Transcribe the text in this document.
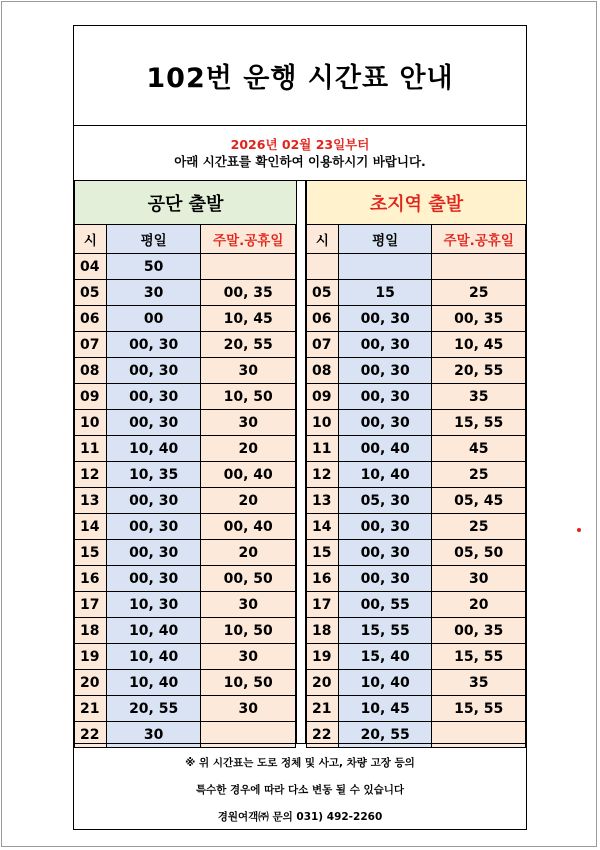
102번 운행 시간표 안내
2026년 02월 23일부터
아래 시간표를 확인하여 이용하시기 바랍니다.
공단 출발
시	평일	주말.공휴일
04	50
05	30	00, 35
06	00	10, 45
07	00, 30	20, 55
08	00, 30	30
09	00, 30	10, 50
10	00, 30	30
11	10, 40	20
12	10, 35	00, 40
13	00, 30	20
14	00, 30	00, 40
15	00, 30	20
16	00, 30	00, 50
17	10, 30	30
18	10, 40	10, 50
19	10, 40	30
20	10, 40	10, 50
21	20, 55	30
22	30
초지역 출발
시	평일	주말.공휴일
05	15	25
06	00, 30	00, 35
07	00, 30	10, 45
08	00, 30	20, 55
09	00, 30	35
10	00, 30	15, 55
11	00, 40	45
12	10, 40	25
13	05, 30	05, 45
14	00, 30	25
15	00, 30	05, 50
16	00, 30	30
17	00, 55	20
18	15, 55	00, 35
19	15, 40	15, 55
20	10, 40	35
21	10, 45	15, 55
22	20, 55
※ 위 시간표는 도로 정체 및 사고, 차량 고장 등의
특수한 경우에 따라 다소 변동 될 수 있습니다
경원여객㈜ 문의 031) 492-2260
